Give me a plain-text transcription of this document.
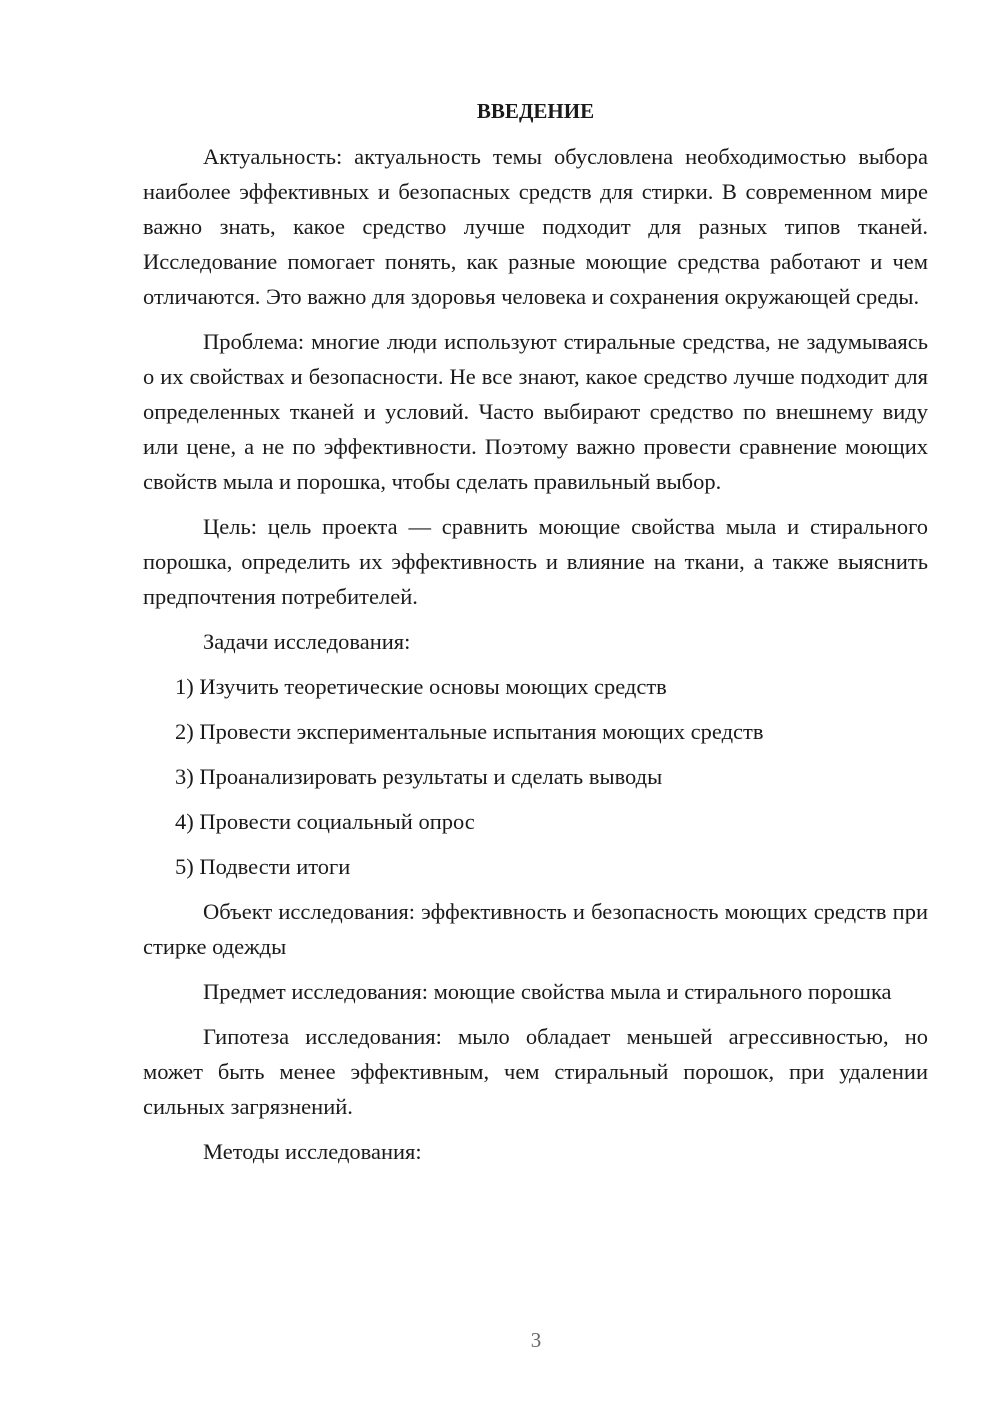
ВВЕДЕНИЕ

Актуальность: актуальность темы обусловлена необходимостью выбора наиболее эффективных и безопасных средств для стирки. В современном мире важно знать, какое средство лучше подходит для разных типов тканей. Исследование помогает понять, как разные моющие средства работают и чем отличаются. Это важно для здоровья человека и сохранения окружающей среды.

Проблема: многие люди используют стиральные средства, не задумываясь о их свойствах и безопасности. Не все знают, какое средство лучше подходит для определенных тканей и условий. Часто выбирают средство по внешнему виду или цене, а не по эффективности. Поэтому важно провести сравнение моющих свойств мыла и порошка, чтобы сделать правильный выбор.

Цель: цель проекта — сравнить моющие свойства мыла и стирального порошка, определить их эффективность и влияние на ткани, а также выяснить предпочтения потребителей.

Задачи исследования:

1) Изучить теоретические основы моющих средств
2) Провести экспериментальные испытания моющих средств
3) Проанализировать результаты и сделать выводы
4) Провести социальный опрос
5) Подвести итоги

Объект исследования: эффективность и безопасность моющих средств при стирке одежды

Предмет исследования: моющие свойства мыла и стирального порошка

Гипотеза исследования: мыло обладает меньшей агрессивностью, но может быть менее эффективным, чем стиральный порошок, при удалении сильных загрязнений.

Методы исследования:

3
